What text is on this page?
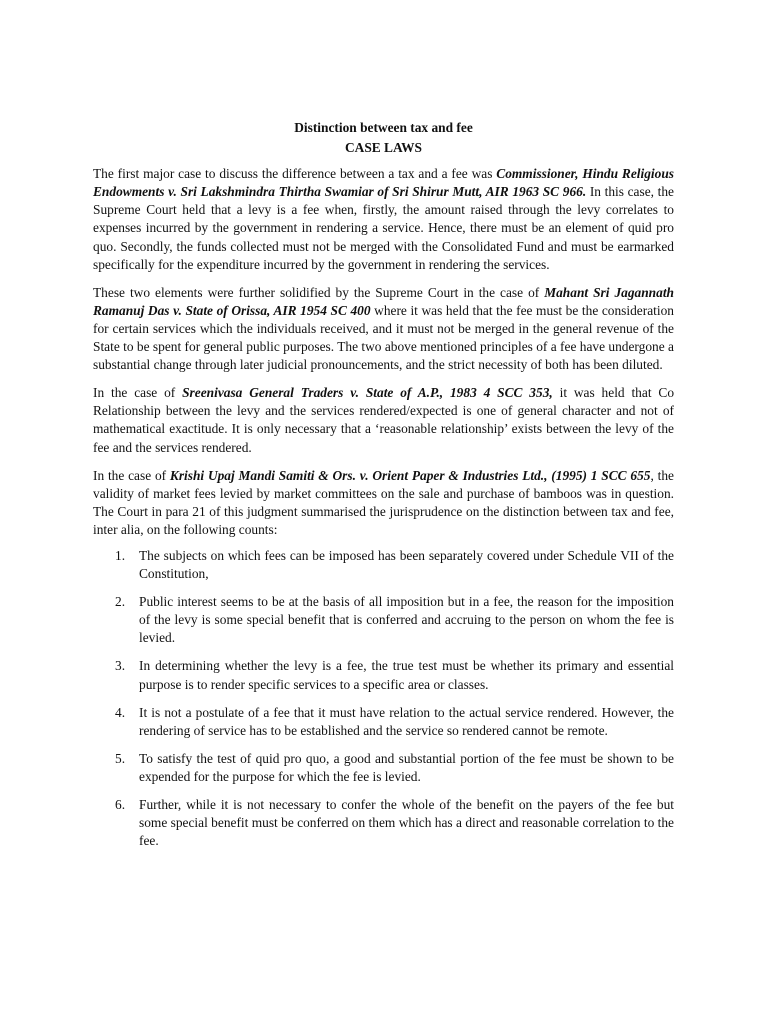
Distinction between tax and fee

CASE LAWS

The first major case to discuss the difference between a tax and a fee was Commissioner, Hindu Religious Endowments v. Sri Lakshmindra Thirtha Swamiar of Sri Shirur Mutt, AIR 1963 SC 966. In this case, the Supreme Court held that a levy is a fee when, firstly, the amount raised through the levy correlates to expenses incurred by the government in rendering a service. Hence, there must be an element of quid pro quo. Secondly, the funds collected must not be merged with the Consolidated Fund and must be earmarked specifically for the expenditure incurred by the government in rendering the services.

These two elements were further solidified by the Supreme Court in the case of Mahant Sri Jagannath Ramanuj Das v. State of Orissa, AIR 1954 SC 400 where it was held that the fee must be the consideration for certain services which the individuals received, and it must not be merged in the general revenue of the State to be spent for general public purposes. The two above mentioned principles of a fee have undergone a substantial change through later judicial pronouncements, and the strict necessity of both has been diluted.

In the case of Sreenivasa General Traders v. State of A.P., 1983 4 SCC 353, it was held that Co Relationship between the levy and the services rendered/expected is one of general character and not of mathematical exactitude. It is only necessary that a ‘reasonable relationship’ exists between the levy of the fee and the services rendered.

In the case of Krishi Upaj Mandi Samiti & Ors. v. Orient Paper & Industries Ltd., (1995) 1 SCC 655, the validity of market fees levied by market committees on the sale and purchase of bamboos was in question. The Court in para 21 of this judgment summarised the jurisprudence on the distinction between tax and fee, inter alia, on the following counts:

1. The subjects on which fees can be imposed has been separately covered under Schedule VII of the Constitution,
2. Public interest seems to be at the basis of all imposition but in a fee, the reason for the imposition of the levy is some special benefit that is conferred and accruing to the person on whom the fee is levied.
3. In determining whether the levy is a fee, the true test must be whether its primary and essential purpose is to render specific services to a specific area or classes.
4. It is not a postulate of a fee that it must have relation to the actual service rendered. However, the rendering of service has to be established and the service so rendered cannot be remote.
5. To satisfy the test of quid pro quo, a good and substantial portion of the fee must be shown to be expended for the purpose for which the fee is levied.
6. Further, while it is not necessary to confer the whole of the benefit on the payers of the fee but some special benefit must be conferred on them which has a direct and reasonable correlation to the fee.
